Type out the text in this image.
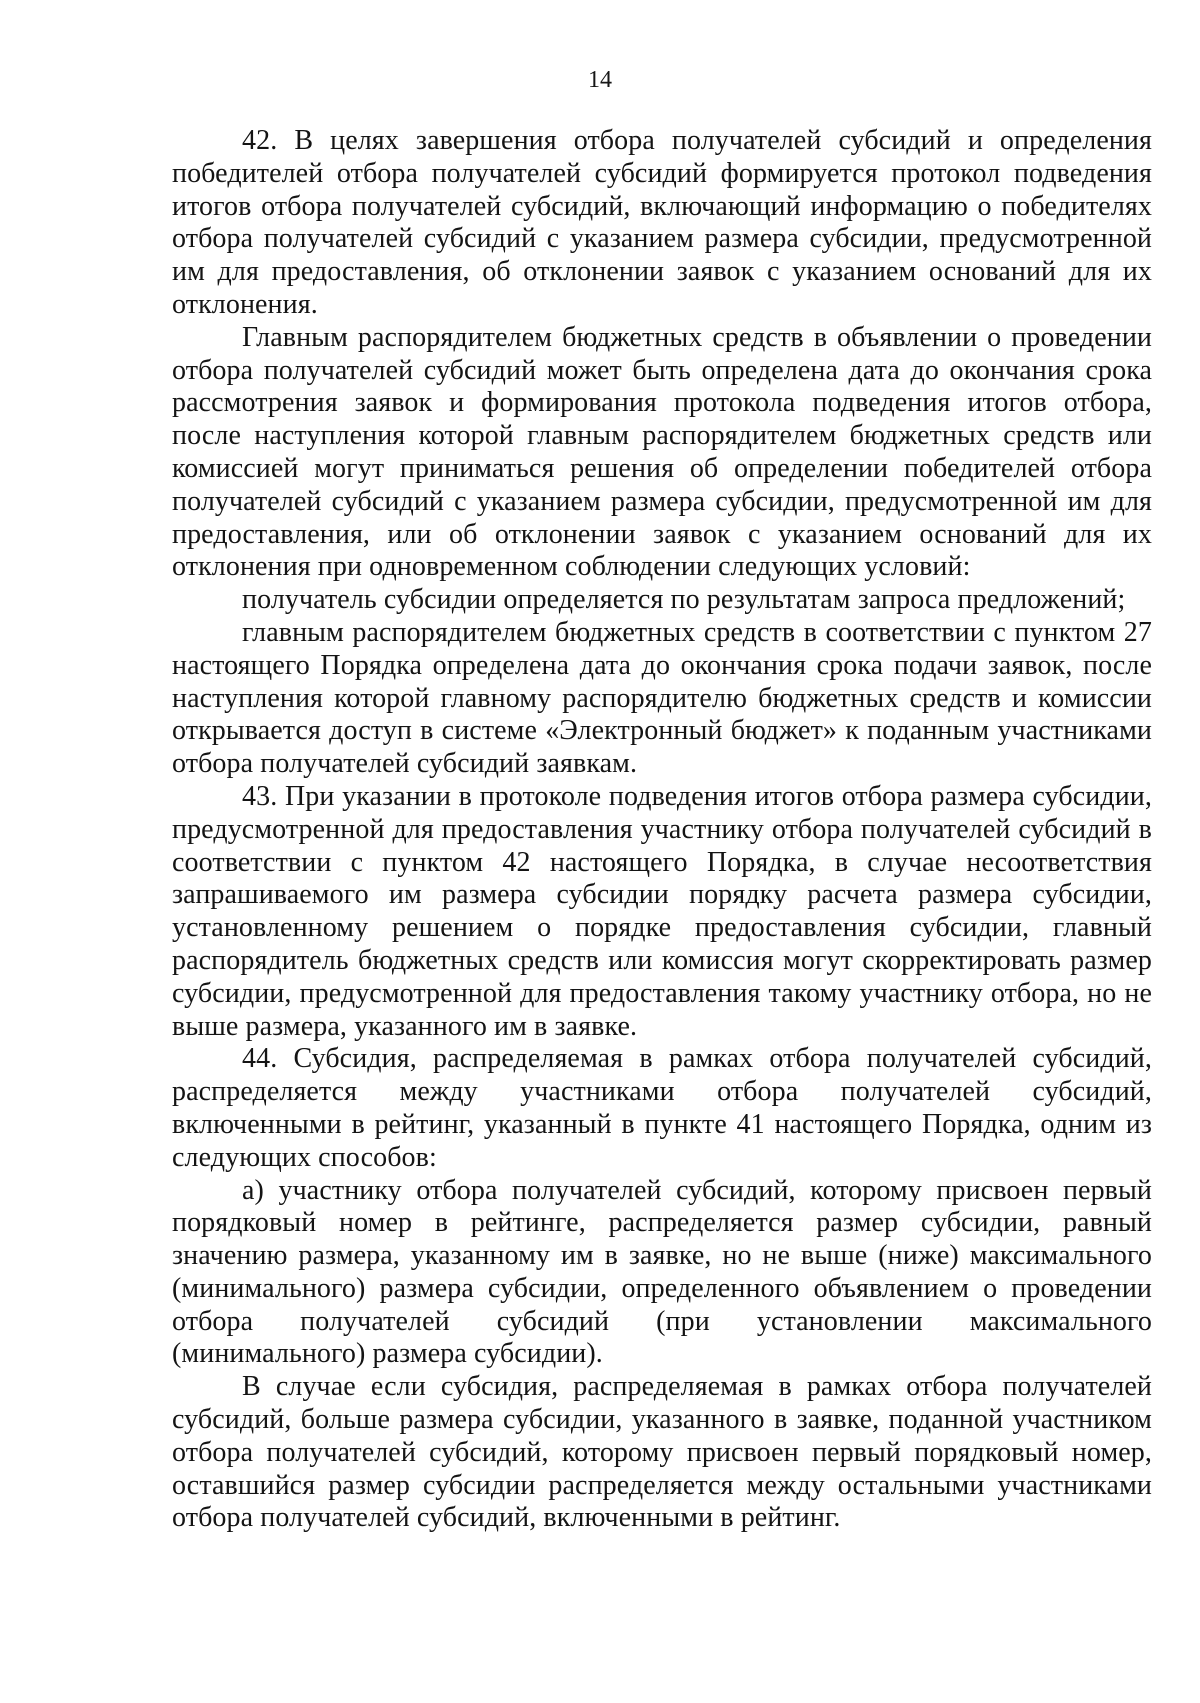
14

42. В целях завершения отбора получателей субсидий и определения победителей отбора получателей субсидий формируется протокол подведения итогов отбора получателей субсидий, включающий информацию о победителях отбора получателей субсидий с указанием размера субсидии, предусмотренной им для предоставления, об отклонении заявок с указанием оснований для их отклонения.

Главным распорядителем бюджетных средств в объявлении о проведении отбора получателей субсидий может быть определена дата до окончания срока рассмотрения заявок и формирования протокола подведения итогов отбора, после наступления которой главным распорядителем бюджетных средств или комиссией могут приниматься решения об определении победителей отбора получателей субсидий с указанием размера субсидии, предусмотренной им для предоставления, или об отклонении заявок с указанием оснований для их отклонения при одновременном соблюдении следующих условий:

получатель субсидии определяется по результатам запроса предложений;

главным распорядителем бюджетных средств в соответствии с пунктом 27 настоящего Порядка определена дата до окончания срока подачи заявок, после наступления которой главному распорядителю бюджетных средств и комиссии открывается доступ в системе «Электронный бюджет» к поданным участниками отбора получателей субсидий заявкам.

43. При указании в протоколе подведения итогов отбора размера субсидии, предусмотренной для предоставления участнику отбора получателей субсидий в соответствии с пунктом 42 настоящего Порядка, в случае несоответствия запрашиваемого им размера субсидии порядку расчета размера субсидии, установленному решением о порядке предоставления субсидии, главный распорядитель бюджетных средств или комиссия могут скорректировать размер субсидии, предусмотренной для предоставления такому участнику отбора, но не выше размера, указанного им в заявке.

44. Субсидия, распределяемая в рамках отбора получателей субсидий, распределяется между участниками отбора получателей субсидий, включенными в рейтинг, указанный в пункте 41 настоящего Порядка, одним из следующих способов:

а) участнику отбора получателей субсидий, которому присвоен первый порядковый номер в рейтинге, распределяется размер субсидии, равный значению размера, указанному им в заявке, но не выше (ниже) максимального (минимального) размера субсидии, определенного объявлением о проведении отбора получателей субсидий (при установлении максимального (минимального) размера субсидии).

В случае если субсидия, распределяемая в рамках отбора получателей субсидий, больше размера субсидии, указанного в заявке, поданной участником отбора получателей субсидий, которому присвоен первый порядковый номер, оставшийся размер субсидии распределяется между остальными участниками отбора получателей субсидий, включенными в рейтинг.
